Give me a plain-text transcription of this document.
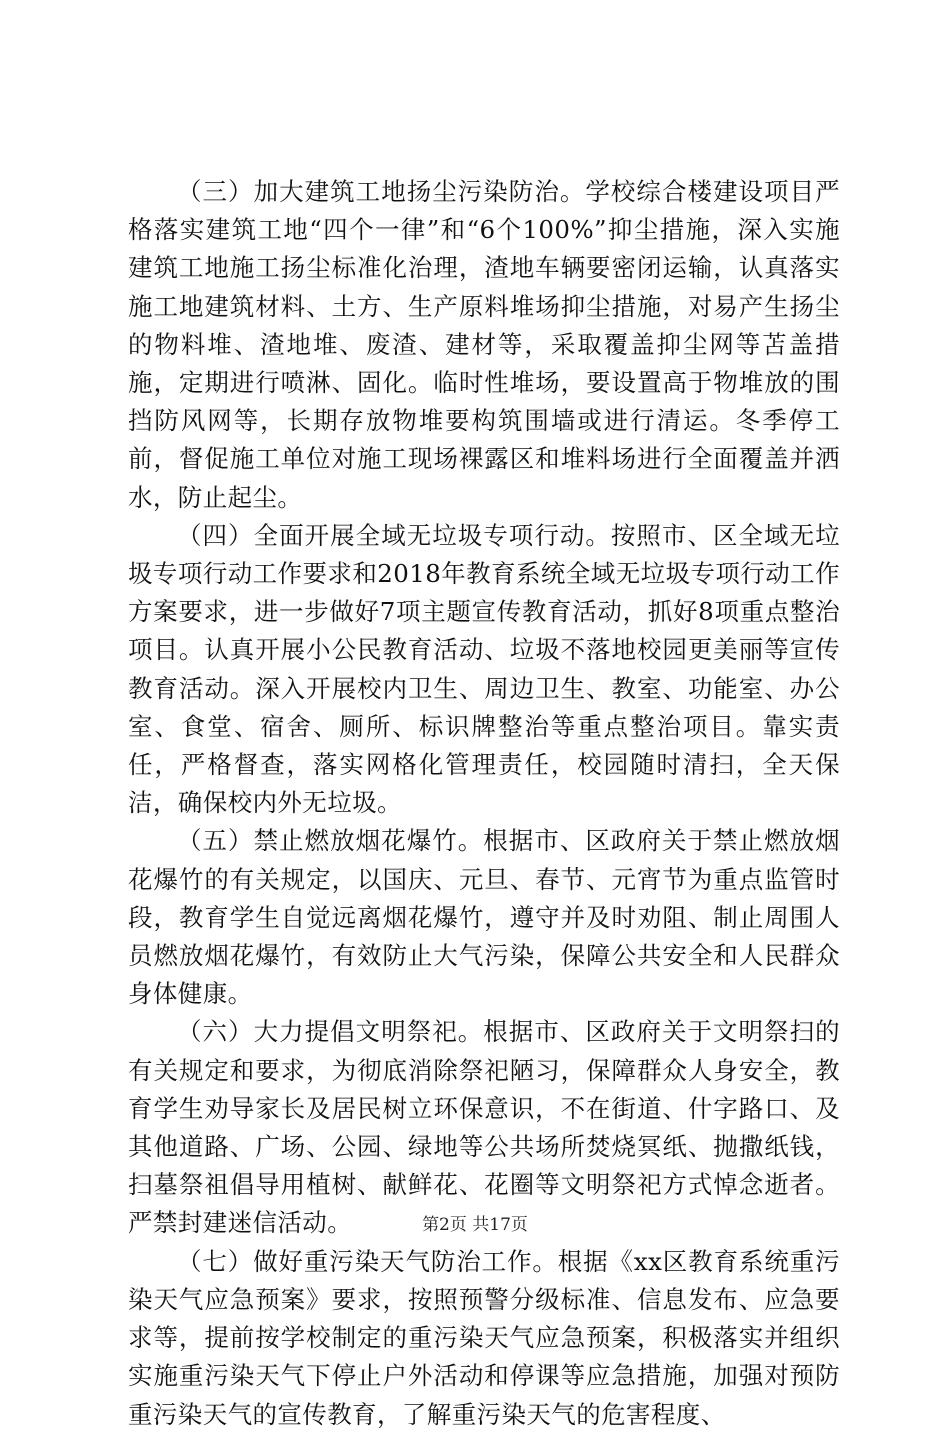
（三）加大建筑工地扬尘污染防治。学校综合楼建设项目严格落实建筑工地“四个一律”和“6个100%”抑尘措施，深入实施建筑工地施工扬尘标准化治理，渣地车辆要密闭运输，认真落实施工地建筑材料、土方、生产原料堆场抑尘措施，对易产生扬尘的物料堆、渣地堆、废渣、建材等，采取覆盖抑尘网等苫盖措施，定期进行喷淋、固化。临时性堆场，要设置高于物堆放的围挡防风网等，长期存放物堆要构筑围墙或进行清运。冬季停工前，督促施工单位对施工现场裸露区和堆料场进行全面覆盖并洒水，防止起尘。

（四）全面开展全域无垃圾专项行动。按照市、区全域无垃圾专项行动工作要求和2018年教育系统全域无垃圾专项行动工作方案要求，进一步做好7项主题宣传教育活动，抓好8项重点整治项目。认真开展小公民教育活动、垃圾不落地校园更美丽等宣传教育活动。深入开展校内卫生、周边卫生、教室、功能室、办公室、食堂、宿舍、厕所、标识牌整治等重点整治项目。靠实责任，严格督查，落实网格化管理责任，校园随时清扫，全天保洁，确保校内外无垃圾。

（五）禁止燃放烟花爆竹。根据市、区政府关于禁止燃放烟花爆竹的有关规定，以国庆、元旦、春节、元宵节为重点监管时段，教育学生自觉远离烟花爆竹，遵守并及时劝阻、制止周围人员燃放烟花爆竹，有效防止大气污染，保障公共安全和人民群众身体健康。

（六）大力提倡文明祭祀。根据市、区政府关于文明祭扫的有关规定和要求，为彻底消除祭祀陋习，保障群众人身安全，教育学生劝导家长及居民树立环保意识，不在街道、什字路口、及其他道路、广场、公园、绿地等公共场所焚烧冥纸、抛撒纸钱，扫墓祭祖倡导用植树、献鲜花、花圈等文明祭祀方式悼念逝者。严禁封建迷信活动。

（七）做好重污染天气防治工作。根据《xx区教育系统重污染天气应急预案》要求，按照预警分级标准、信息发布、应急要求等，提前按学校制定的重污染天气应急预案，积极落实并组织实施重污染天气下停止户外活动和停课等应急措施，加强对预防重污染天气的宣传教育，了解重污染天气的危害程度、

第2页 共17页
